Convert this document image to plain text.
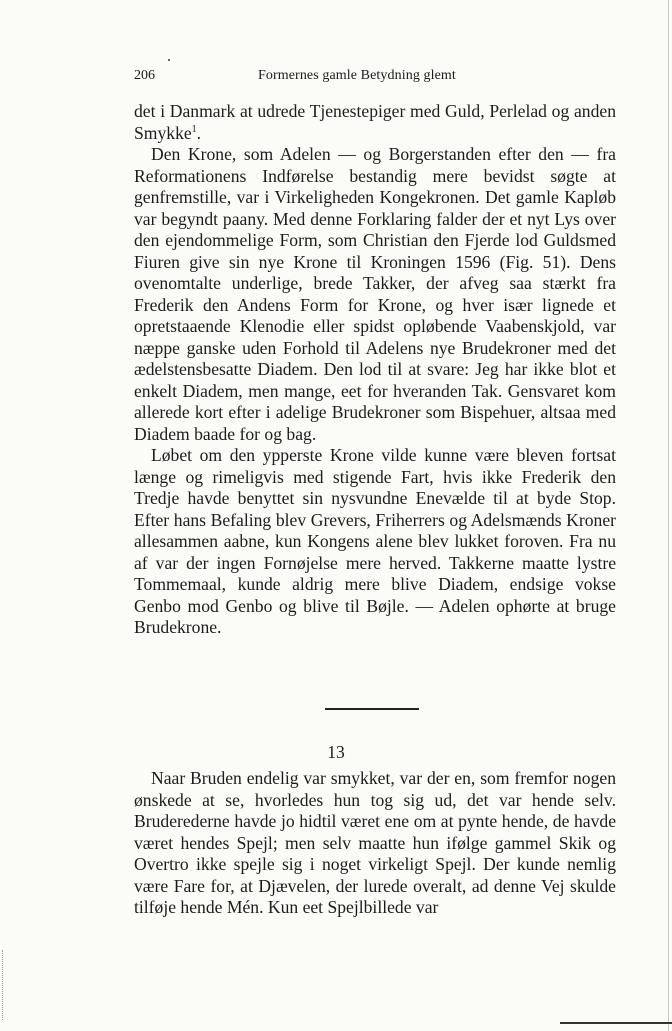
206	Formernes gamle Betydning glemt

det i Danmark at udrede Tjenestepiger med Guld, Perlelad og anden Smykke$^1$.

Den Krone, som Adelen — og Borgerstanden efter den — fra Reformationens Indførelse bestandig mere bevidst søgte at genfremstille, var i Virkeligheden Kongekronen. Det gamle Kapløb var begyndt paany. Med denne Forklaring falder der et nyt Lys over den ejendommelige Form, som Christian den Fjerde lod Guldsmed Fiuren give sin nye Krone til Kroningen 1596 (Fig. 51). Dens ovenomtalte underlige, brede Takker, der afveg saa stærkt fra Frederik den Andens Form for Krone, og hver især lignede et opretstaaende Klenodie eller spidst opløbende Vaabenskjold, var næppe ganske uden Forhold til Adelens nye Brudekroner med det ædelstensbesatte Diadem. Den lod til at svare: Jeg har ikke blot et enkelt Diadem, men mange, eet for hveranden Tak. Gensvaret kom allerede kort efter i adelige Brudekroner som Bispehuer, altsaa med Diadem baade for og bag.

Løbet om den ypperste Krone vilde kunne være bleven fortsat længe og rimeligvis med stigende Fart, hvis ikke Frederik den Tredje havde benyttet sin nysvundne Enevælde til at byde Stop. Efter hans Befaling blev Grevers, Friherrers og Adelsmænds Kroner allesammen aabne, kun Kongens alene blev lukket foroven. Fra nu af var der ingen Fornøjelse mere herved. Takkerne maatte lystre Tommemaal, kunde aldrig mere blive Diadem, endsige vokse Genbo mod Genbo og blive til Bøjle. — Adelen ophørte at bruge Brudekrone.

13

Naar Bruden endelig var smykket, var der en, som fremfor nogen ønskede at se, hvorledes hun tog sig ud, det var hende selv. Bruderederne havde jo hidtil været ene om at pynte hende, de havde været hendes Spejl; men selv maatte hun ifølge gammel Skik og Overtro ikke spejle sig i noget virkeligt Spejl. Der kunde nemlig være Fare for, at Djævelen, der lurede overalt, ad denne Vej skulde tilføje hende Mén. Kun eet Spejlbillede var
